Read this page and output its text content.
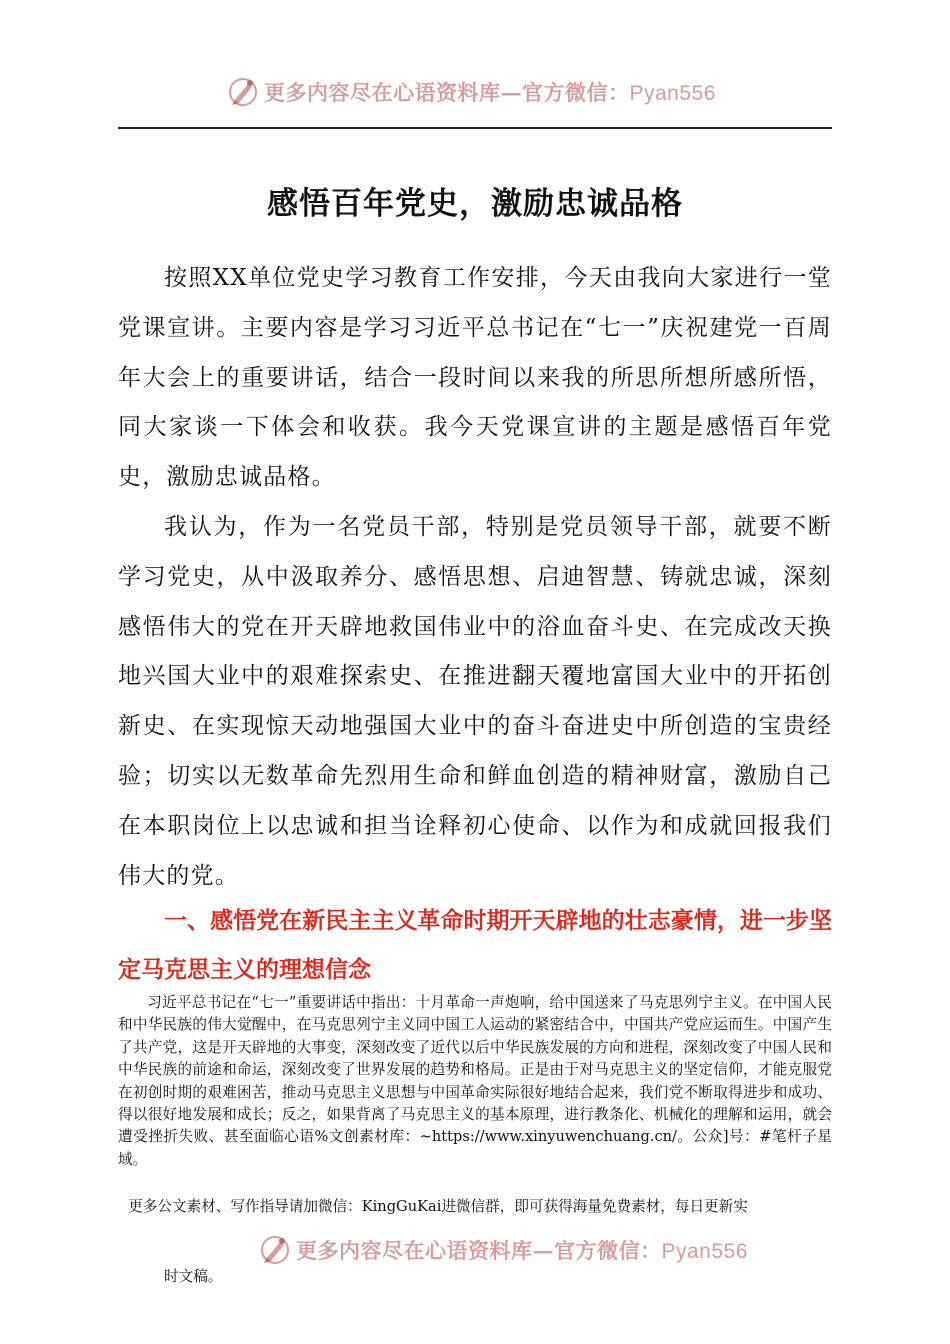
更多内容尽在心语资料库—官方微信：Pyan556
感悟百年党史，激励忠诚品格

按照XX单位党史学习教育工作安排，今天由我向大家进行一堂党课宣讲。主要内容是学习习近平总书记在“七一”庆祝建党一百周年大会上的重要讲话，结合一段时间以来我的所思所想所感所悟，同大家谈一下体会和收获。我今天党课宣讲的主题是感悟百年党史，激励忠诚品格。

我认为，作为一名党员干部，特别是党员领导干部，就要不断学习党史，从中汲取养分、感悟思想、启迪智慧、铸就忠诚，深刻感悟伟大的党在开天辟地救国伟业中的浴血奋斗史、在完成改天换地兴国大业中的艰难探索史、在推进翻天覆地富国大业中的开拓创新史、在实现惊天动地强国大业中的奋斗奋进史中所创造的宝贵经验；切实以无数革命先烈用生命和鲜血创造的精神财富，激励自己在本职岗位上以忠诚和担当诠释初心使命、以作为和成就回报我们伟大的党。

一、感悟党在新民主主义革命时期开天辟地的壮志豪情，进一步坚定马克思主义的理想信念

习近平总书记在“七一”重要讲话中指出：十月革命一声炮响，给中国送来了马克思列宁主义。在中国人民和中华民族的伟大觉醒中，在马克思列宁主义同中国工人运动的紧密结合中，中国共产党应运而生。中国产生了共产党，这是开天辟地的大事变，深刻改变了近代以后中华民族发展的方向和进程，深刻改变了中国人民和中华民族的前途和命运，深刻改变了世界发展的趋势和格局。正是由于对马克思主义的坚定信仰，才能克服党在初创时期的艰难困苦，推动马克思主义思想与中国革命实际很好地结合起来，我们党不断取得进步和成功、得以很好地发展和成长；反之，如果背离了马克思主义的基本原理，进行教条化、机械化的理解和运用，就会遭受挫折失败、甚至面临心语%文创素材库：~https://www.xinyuwenchuang.cn/。公众]号：#笔杆子星域。

更多公文素材、写作指导请加微信：KingGuKai进微信群，即可获得海量免费素材，每日更新实

更多内容尽在心语资料库—官方微信：Pyan556

时文稿。
